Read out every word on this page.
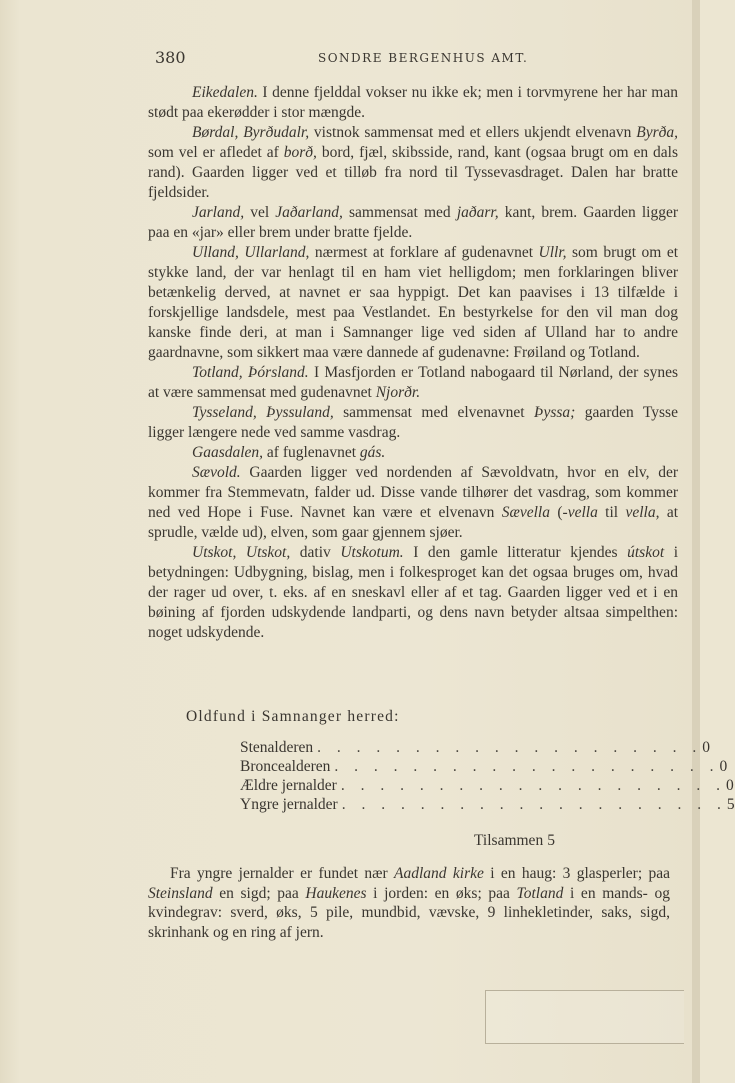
380	SONDRE BERGENHUS AMT.

Eikedalen. I denne fjelddal vokser nu ikke ek; men i torvmyrene her har man stødt paa ekerødder i stor mængde.

Børdal, Byrðudalr, vistnok sammensat med et ellers ukjendt elvenavn Byrða, som vel er afledet af borð, bord, fjæl, skibsside, rand, kant (ogsaa brugt om en dals rand). Gaarden ligger ved et tilløb fra nord til Tyssevasdraget. Dalen har bratte fjeldsider.

Jarland, vel Jaðarland, sammensat med jaðarr, kant, brem. Gaarden ligger paa en «jar» eller brem under bratte fjelde.

Ulland, Ullarland, nærmest at forklare af gudenavnet Ullr, som brugt om et stykke land, der var henlagt til en ham viet helligdom; men forklaringen bliver betænkelig derved, at navnet er saa hyppigt. Det kan paavises i 13 tilfælde i forskjellige landsdele, mest paa Vestlandet. En bestyrkelse for den vil man dog kanske finde deri, at man i Samnanger lige ved siden af Ulland har to andre gaardnavne, som sikkert maa være dannede af gudenavne: Frøiland og Totland.

Totland, Þórsland. I Masfjorden er Totland nabogaard til Nørland, der synes at være sammensat med gudenavnet Njorðr.

Tysseland, Þyssuland, sammensat med elvenavnet Þyssa; gaarden Tysse ligger længere nede ved samme vasdrag.

Gaasdalen, af fuglenavnet gás.

Sævold. Gaarden ligger ved nordenden af Sævoldvatn, hvor en elv, der kommer fra Stemmevatn, falder ud. Disse vande tilhører det vasdrag, som kommer ned ved Hope i Fuse. Navnet kan være et elvenavn Sævella (-vella til vella, at sprudle, vælde ud), elven, som gaar gjennem sjøer.

Utskot, Utskot, dativ Utskotum. I den gamle litteratur kjendes útskot i betydningen: Udbygning, bislag, men i folkesproget kan det ogsaa bruges om, hvad der rager ud over, t. eks. af en sneskavl eller af et tag. Gaarden ligger ved et i en bøining af fjorden udskydende landparti, og dens navn betyder altsaa simpelthen: noget udskydende.

Oldfund i Samnanger herred:
Stenalderen . . . . . . . . . . . . . . . . . . . . 0
Broncealderen . . . . . . . . . . . . . . . . . . . . 0
Ældre jernalder . . . . . . . . . . . . . . . . . . . . 0
Yngre jernalder . . . . . . . . . . . . . . . . . . . . 5
Tilsammen 5

Fra yngre jernalder er fundet nær Aadland kirke i en haug: 3 glasperler; paa Steinsland en sigd; paa Haukenes i jorden: en øks; paa Totland i en mands- og kvindegrav: sverd, øks, 5 pile, mundbid, vævske, 9 linhekletinder, saks, sigd, skrinhank og en ring af jern.
